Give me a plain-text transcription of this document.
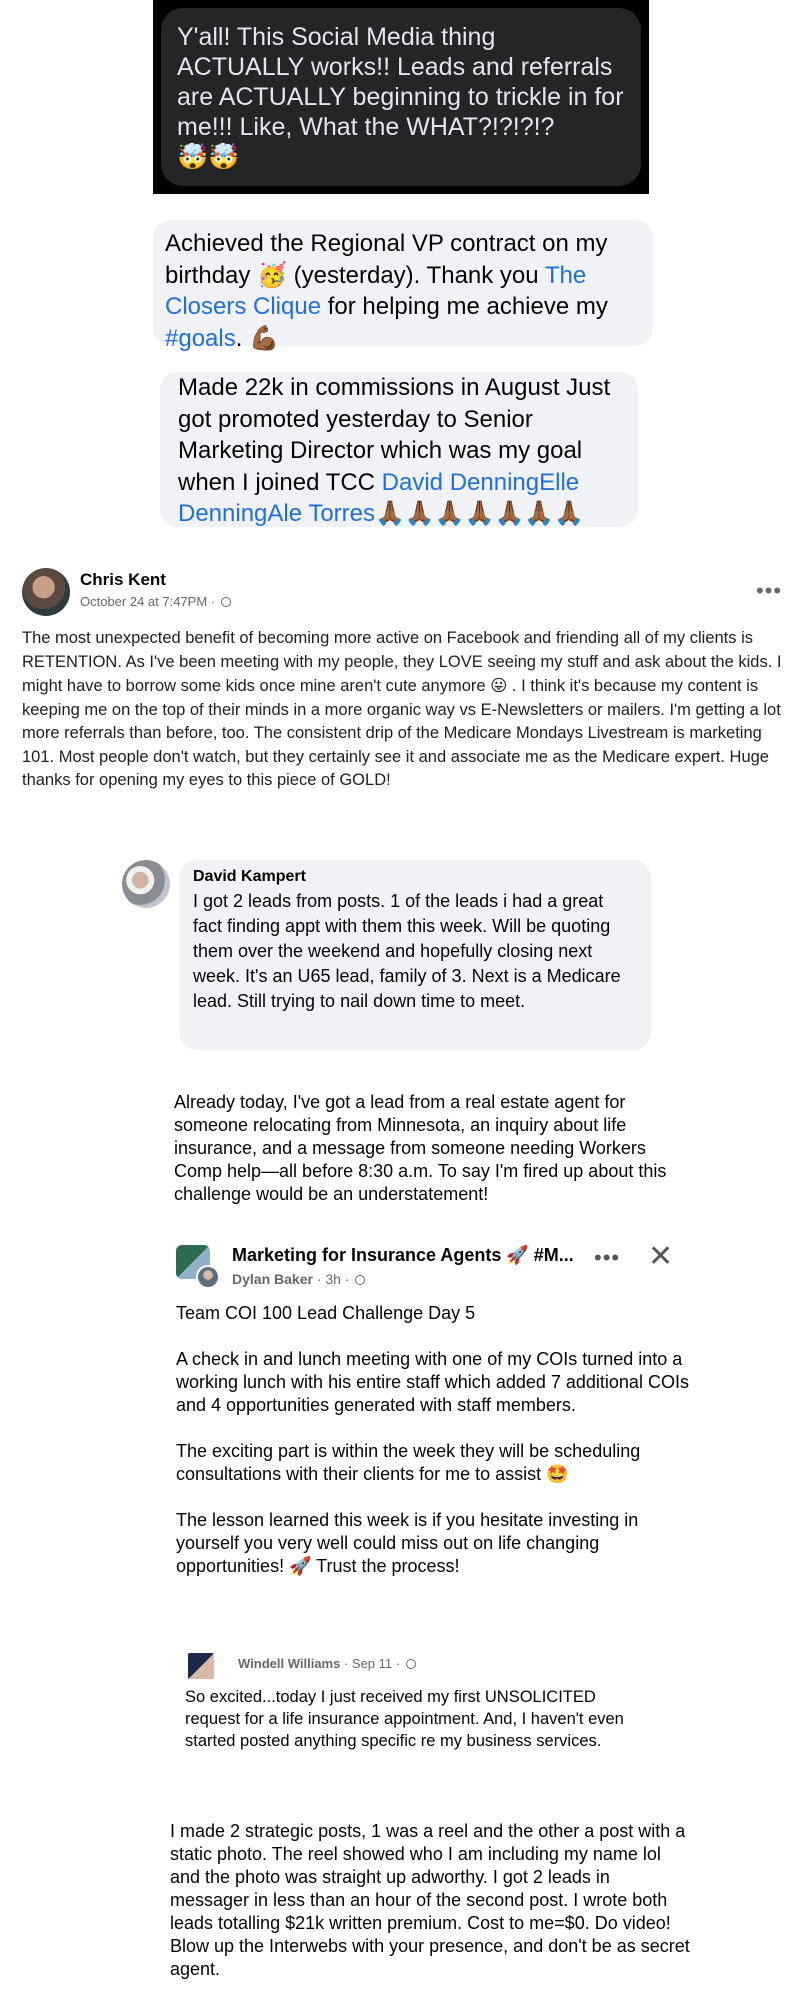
Y'all! This Social Media thing ACTUALLY works!! Leads and referrals are ACTUALLY beginning to trickle in for me!!! Like, What the WHAT?!?!?!?
🤯🤯
Achieved the Regional VP contract on my birthday 🥳 (yesterday). Thank you The Closers Clique for helping me achieve my #goals. 💪🏾
Made 22k in commissions in August Just got promoted yesterday to Senior Marketing Director which was my goal when I joined TCC David DenningElle DenningAle Torres🙏🏾🙏🏾🙏🏾🙏🏾🙏🏾🙏🏾🙏🏾
Chris Kent
October 24 at 7:47PM ·	•••
The most unexpected benefit of becoming more active on Facebook and friending all of my clients is RETENTION. As I've been meeting with my people, they LOVE seeing my stuff and ask about the kids. I might have to borrow some kids once mine aren't cute anymore 😛 . I think it's because my content is keeping me on the top of their minds in a more organic way vs E-Newsletters or mailers. I'm getting a lot more referrals than before, too. The consistent drip of the Medicare Mondays Livestream is marketing 101. Most people don't watch, but they certainly see it and associate me as the Medicare expert. Huge thanks for opening my eyes to this piece of GOLD!
David Kampert
I got 2 leads from posts. 1 of the leads i had a great fact finding appt with them this week. Will be quoting them over the weekend and hopefully closing next week. It's an U65 lead, family of 3. Next is a Medicare lead. Still trying to nail down time to meet.
Already today, I've got a lead from a real estate agent for someone relocating from Minnesota, an inquiry about life insurance, and a message from someone needing Workers Comp help—all before 8:30 a.m. To say I'm fired up about this challenge would be an understatement!
Marketing for Insurance Agents 🚀 #M...
Dylan Baker · 3h ·
••• ✕
Team COI 100 Lead Challenge Day 5
A check in and lunch meeting with one of my COIs turned into a working lunch with his entire staff which added 7 additional COIs and 4 opportunities generated with staff members.
The exciting part is within the week they will be scheduling consultations with their clients for me to assist 🤩
The lesson learned this week is if you hesitate investing in yourself you very well could miss out on life changing opportunities! 🚀 Trust the process!
Windell Williams · Sep 11 ·
So excited...today I just received my first UNSOLICITED request for a life insurance appointment. And, I haven't even started posted anything specific re my business services.
I made 2 strategic posts, 1 was a reel and the other a post with a static photo. The reel showed who I am including my name lol and the photo was straight up adworthy. I got 2 leads in messager in less than an hour of the second post. I wrote both leads totalling $21k written premium. Cost to me=$0. Do video! Blow up the Interwebs with your presence, and don't be as secret agent.
